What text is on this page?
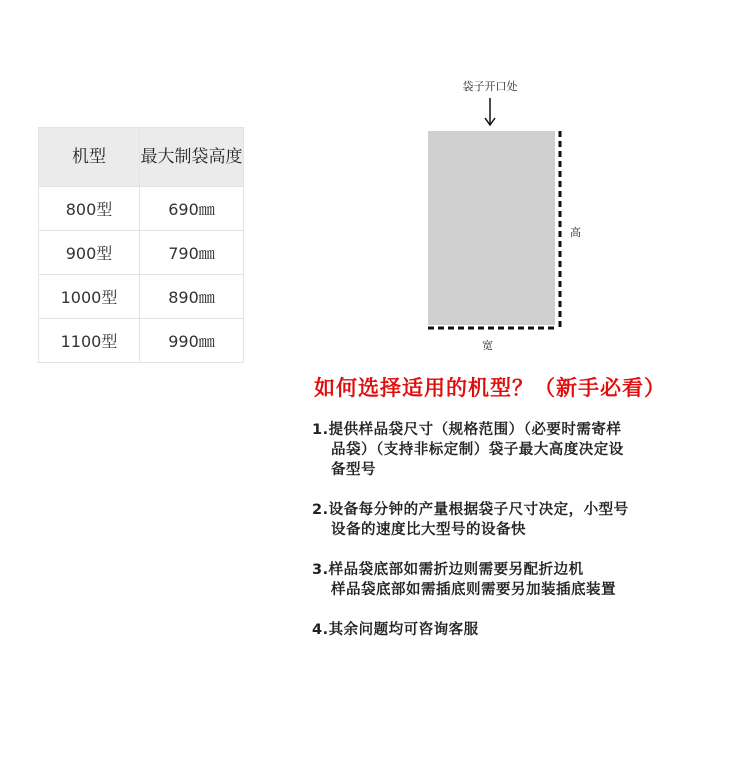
机型	最大制袋高度
800型	690㎜
900型	790㎜
1000型	890㎜
1100型	990㎜
袋子开口处
高
宽
如何选择适用的机型？（新手必看）
1.提供样品袋尺寸（规格范围）（必要时需寄样
品袋）（支持非标定制）袋子最大高度决定设
备型号
2.设备每分钟的产量根据袋子尺寸决定，小型号
设备的速度比大型号的设备快
3.样品袋底部如需折边则需要另配折边机
样品袋底部如需插底则需要另加装插底装置
4.其余问题均可咨询客服
